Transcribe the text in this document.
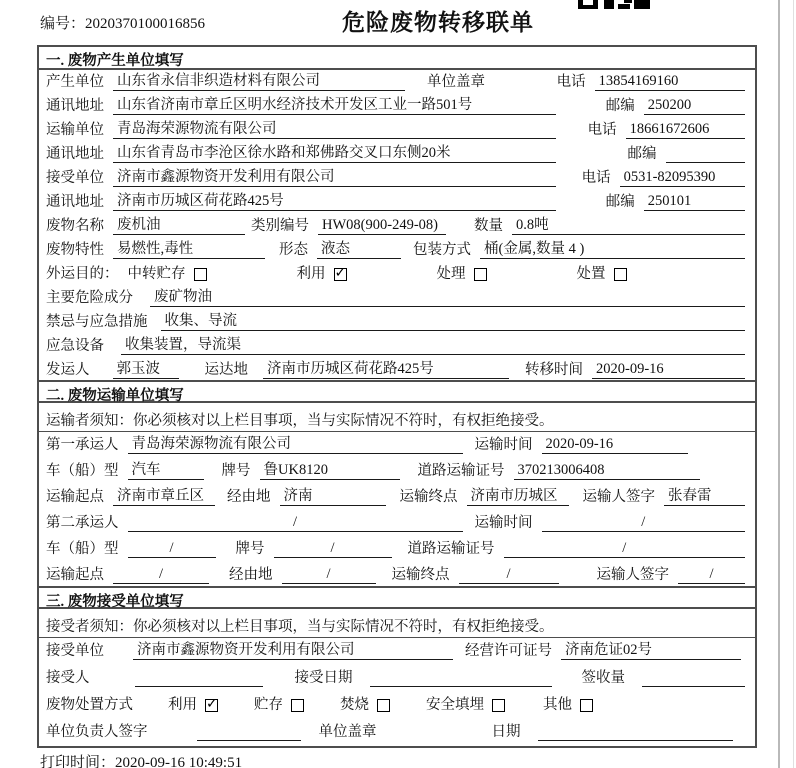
编号：2020370100016856	危险废物转移联单
一. 废物产生单位填写
产生单位 山东省永信非织造材料有限公司	单位盖章	电话 13854169160
通讯地址 山东省济南市章丘区明水经济技术开发区工业一路501号	邮编 250200
运输单位 青岛海荣源物流有限公司	电话 18661672606
通讯地址 山东省青岛市李沧区徐水路和郑佛路交叉口东侧20米	邮编
接受单位 济南市鑫源物资开发利用有限公司	电话 0531-82095390
通讯地址 济南市历城区荷花路425号	邮编 250101
废物名称 废机油	类别编号 HW08(900-249-08)	数量 0.8吨
废物特性 易燃性,毒性	形态 液态	包装方式 桶(金属,数量 4 )
外运目的： 中转贮存	利用 ✓	处理	处置
主要危险成分 废矿物油
禁忌与应急措施 收集、导流
应急设备 收集装置，导流渠
发运人 郭玉波	运达地 济南市历城区荷花路425号	转移时间 2020-09-16
二. 废物运输单位填写
运输者须知：你必须核对以上栏目事项，当与实际情况不符时，有权拒绝接受。
第一承运人 青岛海荣源物流有限公司	运输时间 2020-09-16
车（船）型 汽车	牌号 鲁UK8120	道路运输证号 370213006408
运输起点 济南市章丘区	经由地 济南	运输终点 济南市历城区	运输人签字 张春雷
第二承运人	/	运输时间	/
车（船）型	/	牌号	/	道路运输证号	/
运输起点	/	经由地	/	运输终点	/	运输人签字	/
三. 废物接受单位填写
接受者须知：你必须核对以上栏目事项，当与实际情况不符时，有权拒绝接受。
接受单位 济南市鑫源物资开发利用有限公司	经营许可证号 济南危证02号
接受人	接受日期	签收量
废物处置方式 利用 ✓	贮存	焚烧	安全填埋	其他
单位负责人签字	单位盖章	日期
打印时间：2020-09-16 10:49:51
